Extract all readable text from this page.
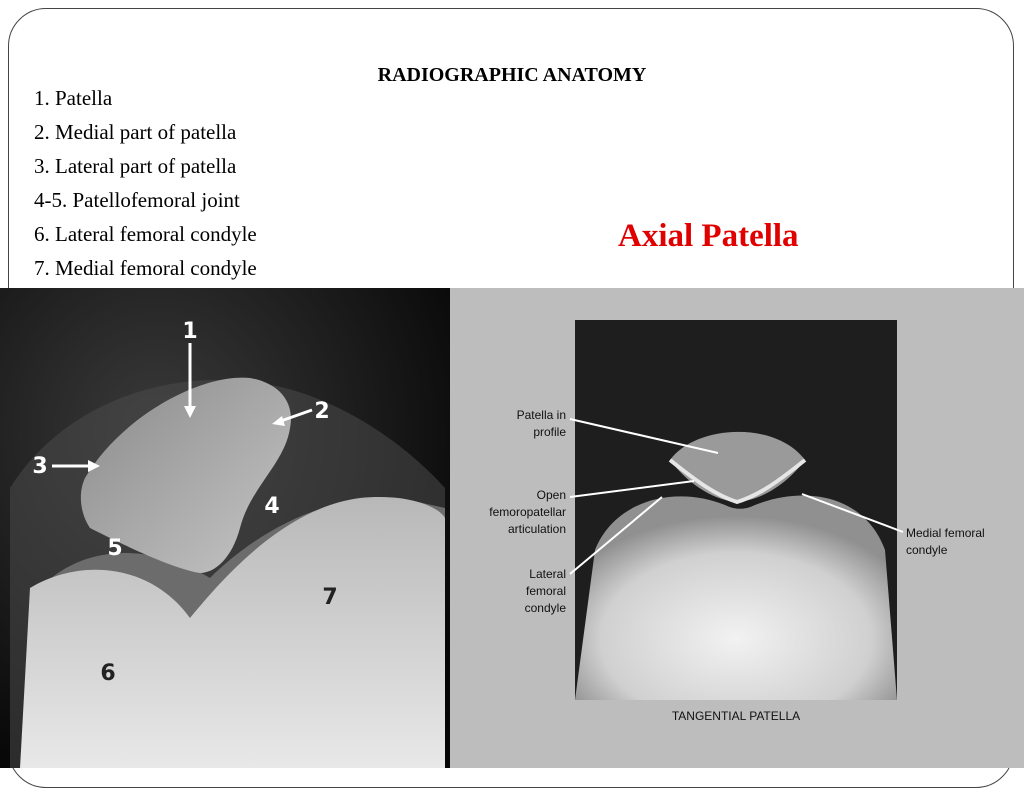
RADIOGRAPHIC ANATOMY
1. Patella
2. Medial part of patella
3. Lateral part of patella
4-5. Patellofemoral joint
6. Lateral femoral condyle
7. Medial femoral condyle
Axial Patella
1
2
3
4
5
6
7
Patella in
profile
Open
femoropatellar
articulation
Lateral
femoral
condyle
Medial femoral
condyle
TANGENTIAL PATELLA
